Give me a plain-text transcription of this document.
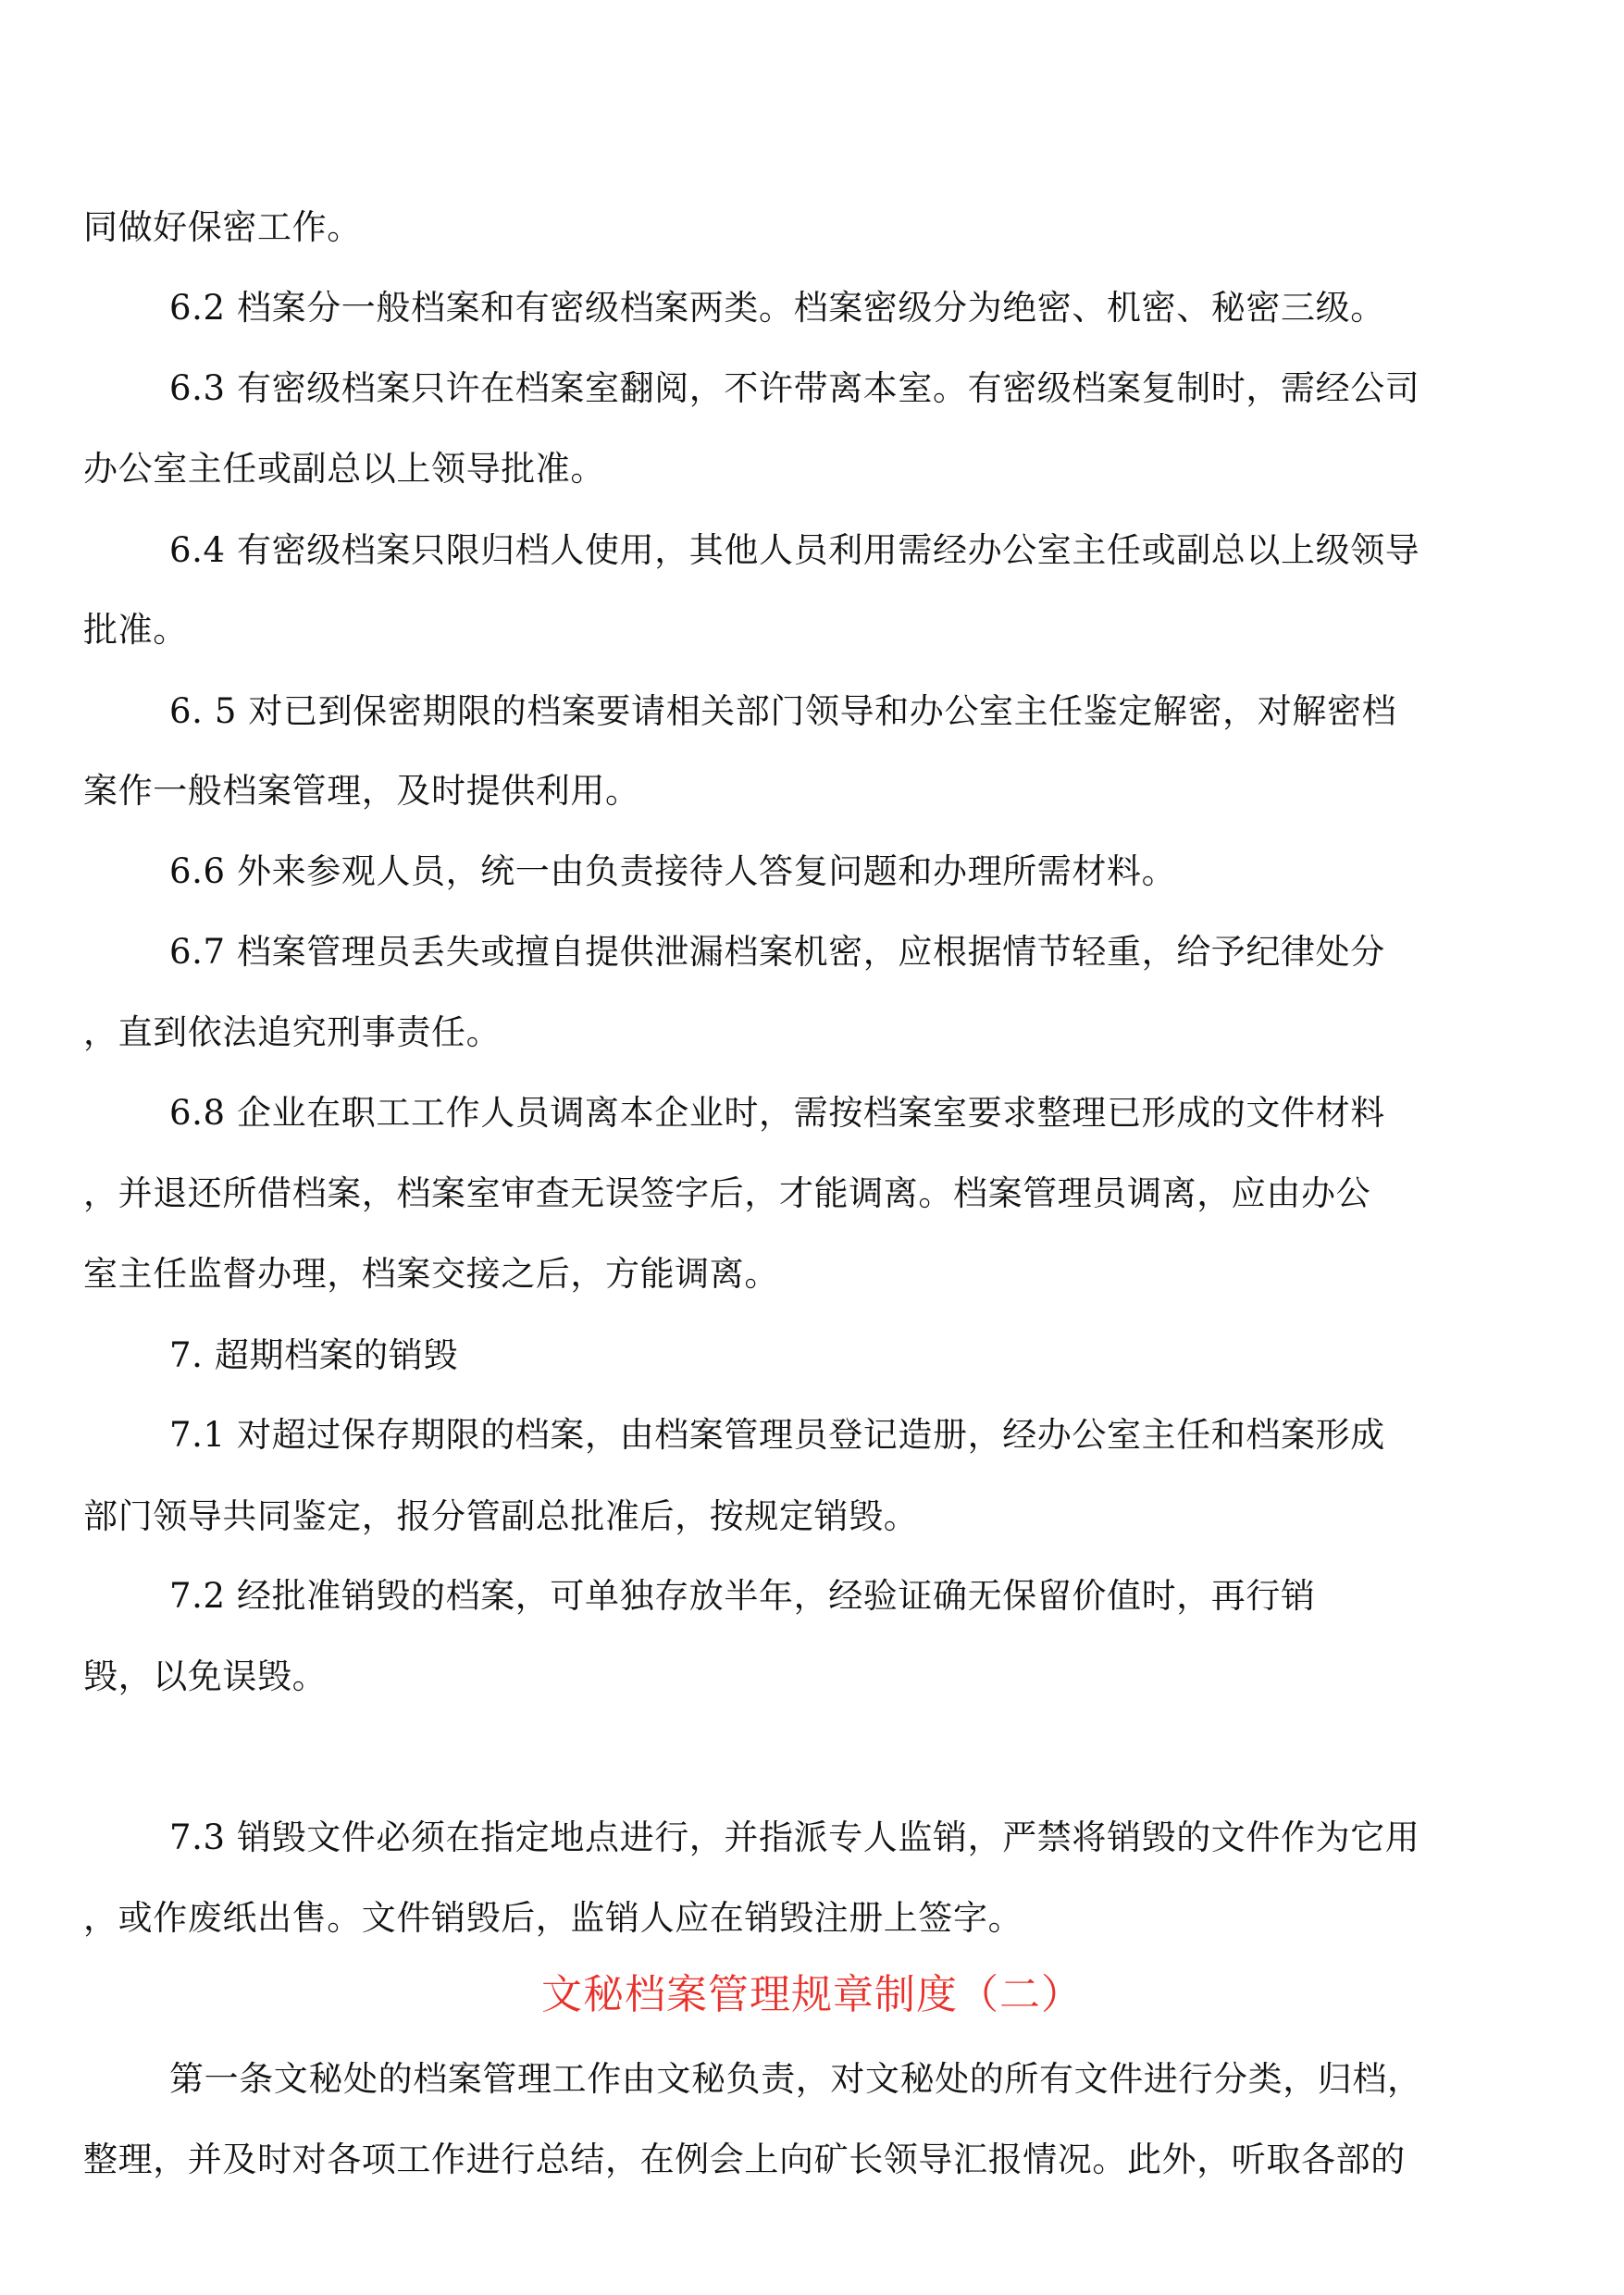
同做好保密工作。
6.2 档案分一般档案和有密级档案两类。档案密级分为绝密、机密、秘密三级。
6.3 有密级档案只许在档案室翻阅，不许带离本室。有密级档案复制时，需经公司
办公室主任或副总以上领导批准。
6.4 有密级档案只限归档人使用，其他人员利用需经办公室主任或副总以上级领导
批准。
6. 5 对已到保密期限的档案要请相关部门领导和办公室主任鉴定解密，对解密档
案作一般档案管理，及时提供利用。
6.6 外来参观人员，统一由负责接待人答复问题和办理所需材料。
6.7 档案管理员丢失或擅自提供泄漏档案机密，应根据情节轻重，给予纪律处分
，直到依法追究刑事责任。
6.8 企业在职工工作人员调离本企业时，需按档案室要求整理已形成的文件材料
，并退还所借档案，档案室审查无误签字后，才能调离。档案管理员调离，应由办公
室主任监督办理，档案交接之后，方能调离。
7. 超期档案的销毁
7.1 对超过保存期限的档案，由档案管理员登记造册，经办公室主任和档案形成
部门领导共同鉴定，报分管副总批准后，按规定销毁。
7.2 经批准销毁的档案，可单独存放半年，经验证确无保留价值时，再行销
毁，以免误毁。
7.3 销毁文件必须在指定地点进行，并指派专人监销，严禁将销毁的文件作为它用
，或作废纸出售。文件销毁后，监销人应在销毁注册上签字。
文秘档案管理规章制度（二）
第一条文秘处的档案管理工作由文秘负责，对文秘处的所有文件进行分类，归档，
整理，并及时对各项工作进行总结，在例会上向矿长领导汇报情况。此外，听取各部的
